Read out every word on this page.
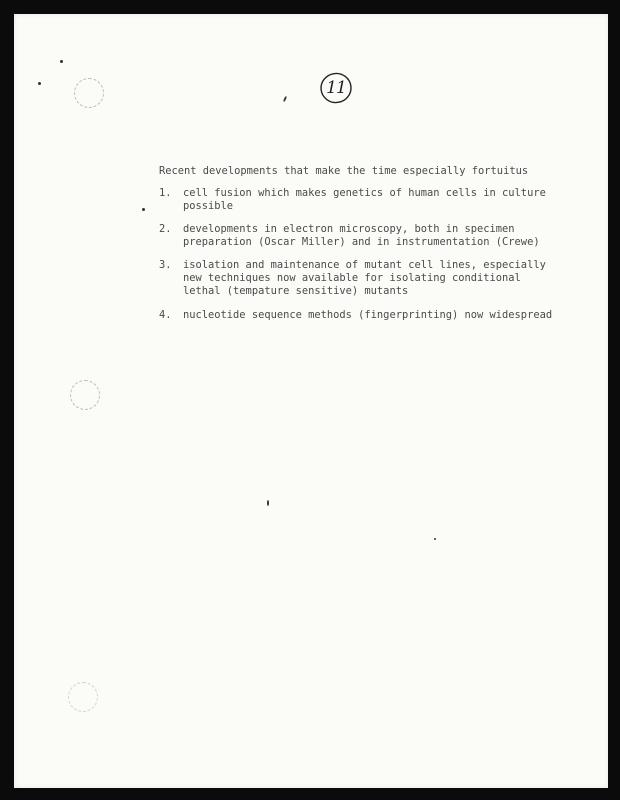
11
Recent developments that make the time especially fortuitus
1.	cell fusion which makes genetics of human cells in culture
possible
2.	developments in electron microscopy, both in specimen
preparation (Oscar Miller) and in instrumentation (Crewe)
3.	isolation and maintenance of mutant cell lines, especially
new techniques now available for isolating conditional
lethal (tempature sensitive) mutants
4.	nucleotide sequence methods (fingerprinting) now widespread
